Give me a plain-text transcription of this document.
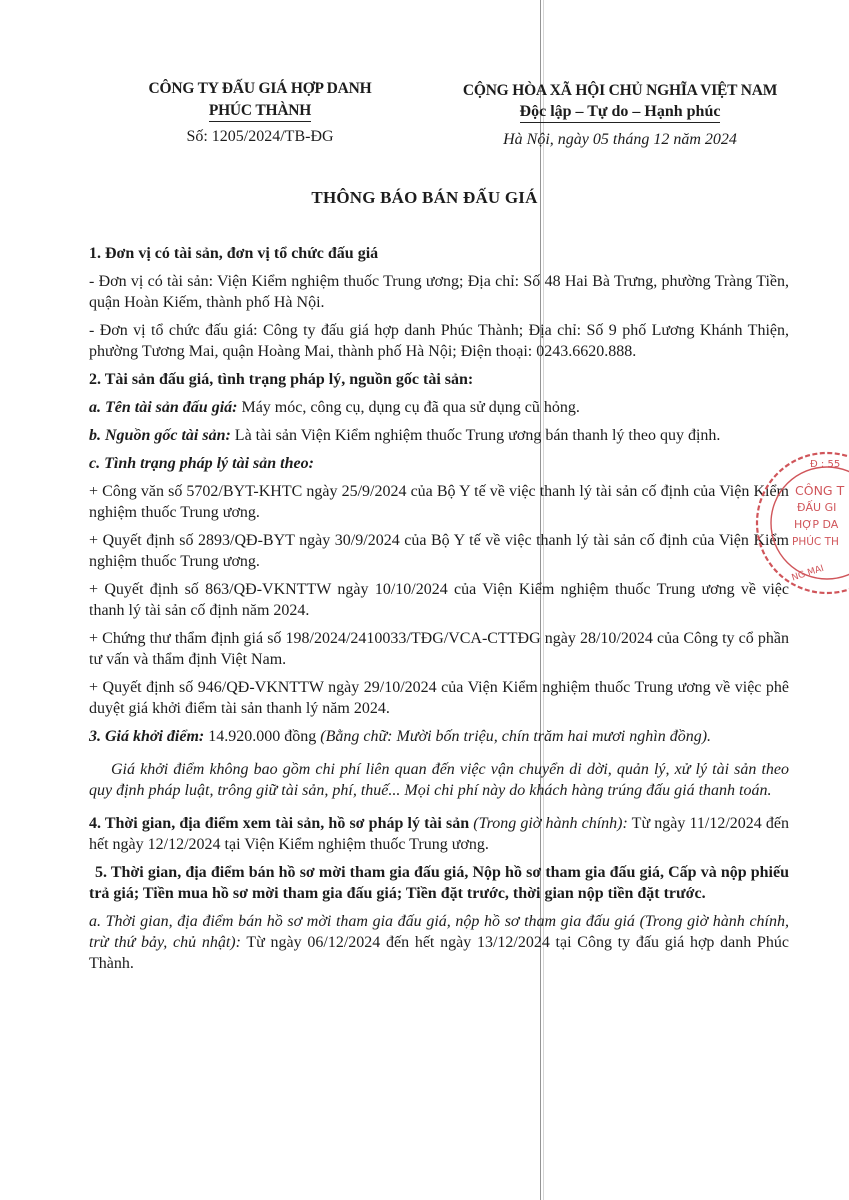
CÔNG TY ĐẤU GIÁ HỢP DANH
PHÚC THÀNH
Số: 1205/2024/TB-ĐG
CỘNG HÒA XÃ HỘI CHỦ NGHĨA VIỆT NAM
Độc lập – Tự do – Hạnh phúc
Hà Nội, ngày 05 tháng 12 năm 2024
THÔNG BÁO BÁN ĐẤU GIÁ

1. Đơn vị có tài sản, đơn vị tổ chức đấu giá

- Đơn vị có tài sản: Viện Kiểm nghiệm thuốc Trung ương; Địa chỉ: Số 48 Hai Bà Trưng, phường Tràng Tiền, quận Hoàn Kiếm, thành phố Hà Nội.

- Đơn vị tổ chức đấu giá: Công ty đấu giá hợp danh Phúc Thành; Địa chỉ: Số 9 phố Lương Khánh Thiện, phường Tương Mai, quận Hoàng Mai, thành phố Hà Nội; Điện thoại: 0243.6620.888.

2. Tài sản đấu giá, tình trạng pháp lý, nguồn gốc tài sản:

a. Tên tài sản đấu giá: Máy móc, công cụ, dụng cụ đã qua sử dụng cũ hỏng.

b. Nguồn gốc tài sản: Là tài sản Viện Kiểm nghiệm thuốc Trung ương bán thanh lý theo quy định.

c. Tình trạng pháp lý tài sản theo:

+ Công văn số 5702/BYT-KHTC ngày 25/9/2024 của Bộ Y tế về việc thanh lý tài sản cố định của Viện Kiểm nghiệm thuốc Trung ương.

+ Quyết định số 2893/QĐ-BYT ngày 30/9/2024 của Bộ Y tế về việc thanh lý tài sản cố định của Viện Kiểm nghiệm thuốc Trung ương.

+ Quyết định số 863/QĐ-VKNTTW ngày 10/10/2024 của Viện Kiểm nghiệm thuốc Trung ương về việc thanh lý tài sản cố định năm 2024.

+ Chứng thư thẩm định giá số 198/2024/2410033/TĐG/VCA-CTTĐG ngày 28/10/2024 của Công ty cổ phần tư vấn và thẩm định Việt Nam.

+ Quyết định số 946/QĐ-VKNTTW ngày 29/10/2024 của Viện Kiểm nghiệm thuốc Trung ương về việc phê duyệt giá khởi điểm tài sản thanh lý năm 2024.

3. Giá khởi điểm: 14.920.000 đồng (Bằng chữ: Mười bốn triệu, chín trăm hai mươi nghìn đồng).

Giá khởi điểm không bao gồm chi phí liên quan đến việc vận chuyển di dời, quản lý, xử lý tài sản theo quy định pháp luật, trông giữ tài sản, phí, thuế... Mọi chi phí này do khách hàng trúng đấu giá thanh toán.

4. Thời gian, địa điểm xem tài sản, hồ sơ pháp lý tài sản (Trong giờ hành chính): Từ ngày 11/12/2024 đến hết ngày 12/12/2024 tại Viện Kiểm nghiệm thuốc Trung ương.

5. Thời gian, địa điểm bán hồ sơ mời tham gia đấu giá, Nộp hồ sơ tham gia đấu giá, Cấp và nộp phiếu trả giá; Tiền mua hồ sơ mời tham gia đấu giá; Tiền đặt trước, thời gian nộp tiền đặt trước.

a. Thời gian, địa điểm bán hồ sơ mời tham gia đấu giá, nộp hồ sơ tham gia đấu giá (Trong giờ hành chính, trừ thứ bảy, chủ nhật): Từ ngày 06/12/2024 đến hết ngày 13/12/2024 tại Công ty đấu giá hợp danh Phúc Thành.

Đ : 55
CÔNG T
ĐẤU GI
HỢP DA
PHÚC TH
NG MAI
